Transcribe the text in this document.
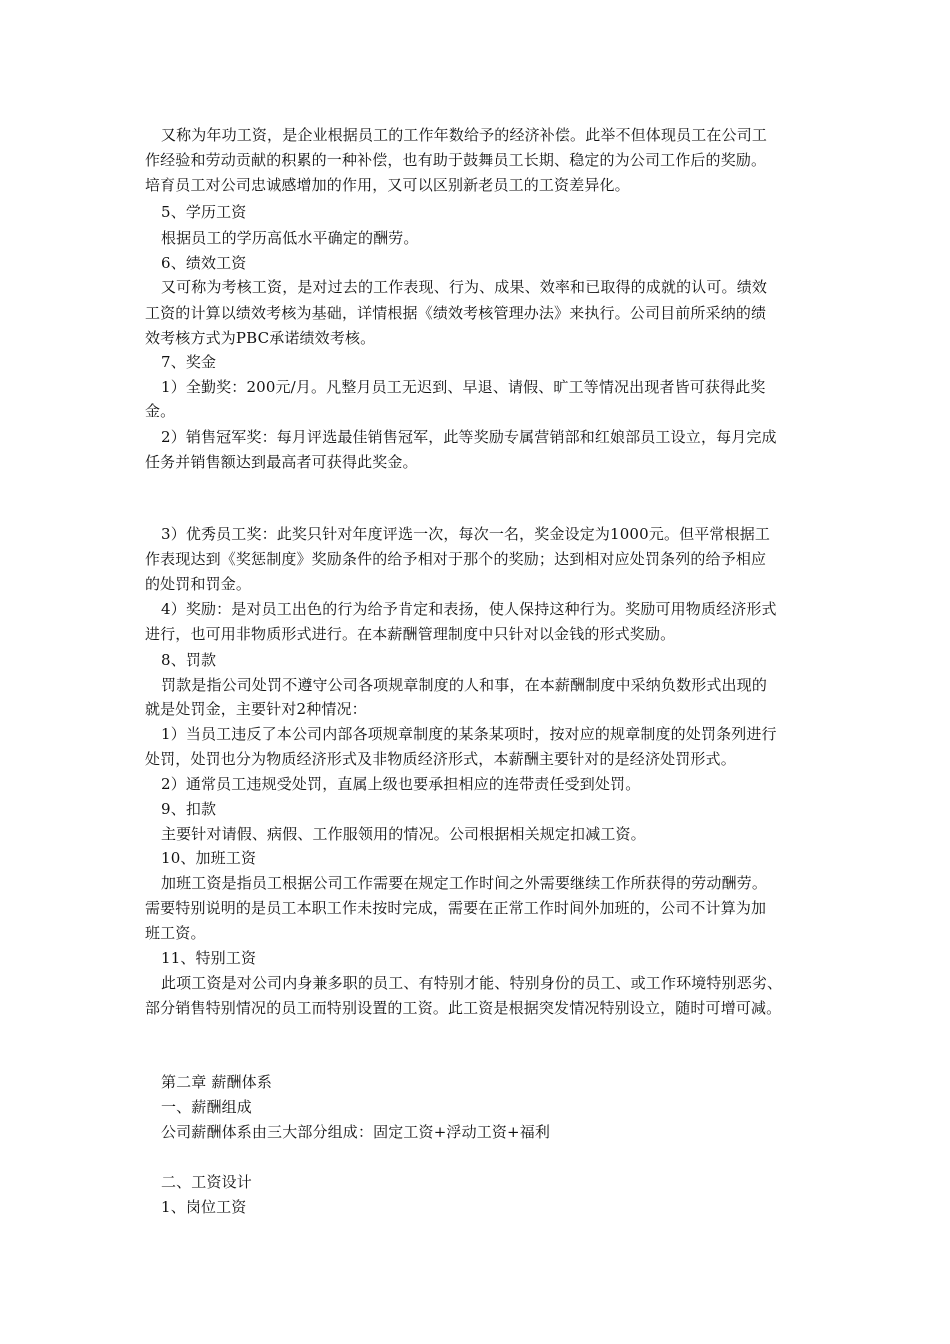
又称为年功工资，是企业根据员工的工作年数给予的经济补偿。此举不但体现员工在公司工

作经验和劳动贡献的积累的一种补偿，也有助于鼓舞员工长期、稳定的为公司工作后的奖励。

培育员工对公司忠诚感增加的作用，又可以区别新老员工的工资差异化。

5、学历工资

根据员工的学历高低水平确定的酬劳。

6、绩效工资

又可称为考核工资，是对过去的工作表现、行为、成果、效率和已取得的成就的认可。绩效

工资的计算以绩效考核为基础，详情根据《绩效考核管理办法》来执行。公司目前所采纳的绩

效考核方式为PBC承诺绩效考核。

7、奖金

1）全勤奖：200元/月。凡整月员工无迟到、早退、请假、旷工等情况出现者皆可获得此奖

金。

2）销售冠军奖：每月评选最佳销售冠军，此等奖励专属营销部和红娘部员工设立，每月完成

任务并销售额达到最高者可获得此奖金。

3）优秀员工奖：此奖只针对年度评选一次，每次一名，奖金设定为1000元。但平常根据工

作表现达到《奖惩制度》奖励条件的给予相对于那个的奖励；达到相对应处罚条列的给予相应

的处罚和罚金。

4）奖励：是对员工出色的行为给予肯定和表扬，使人保持这种行为。奖励可用物质经济形式

进行，也可用非物质形式进行。在本薪酬管理制度中只针对以金钱的形式奖励。

8、罚款

罚款是指公司处罚不遵守公司各项规章制度的人和事，在本薪酬制度中采纳负数形式出现的

就是处罚金，主要针对2种情况：

1）当员工违反了本公司内部各项规章制度的某条某项时，按对应的规章制度的处罚条列进行

处罚，处罚也分为物质经济形式及非物质经济形式，本薪酬主要针对的是经济处罚形式。

2）通常员工违规受处罚，直属上级也要承担相应的连带责任受到处罚。

9、扣款

主要针对请假、病假、工作服领用的情况。公司根据相关规定扣减工资。

10、加班工资

加班工资是指员工根据公司工作需要在规定工作时间之外需要继续工作所获得的劳动酬劳。

需要特别说明的是员工本职工作未按时完成，需要在正常工作时间外加班的，公司不计算为加

班工资。

11、特别工资

此项工资是对公司内身兼多职的员工、有特别才能、特别身份的员工、或工作环境特别恶劣、

部分销售特别情况的员工而特别设置的工资。此工资是根据突发情况特别设立，随时可增可减。

第二章 薪酬体系

一、薪酬组成

公司薪酬体系由三大部分组成：固定工资+浮动工资+福利

二、工资设计

1、岗位工资
